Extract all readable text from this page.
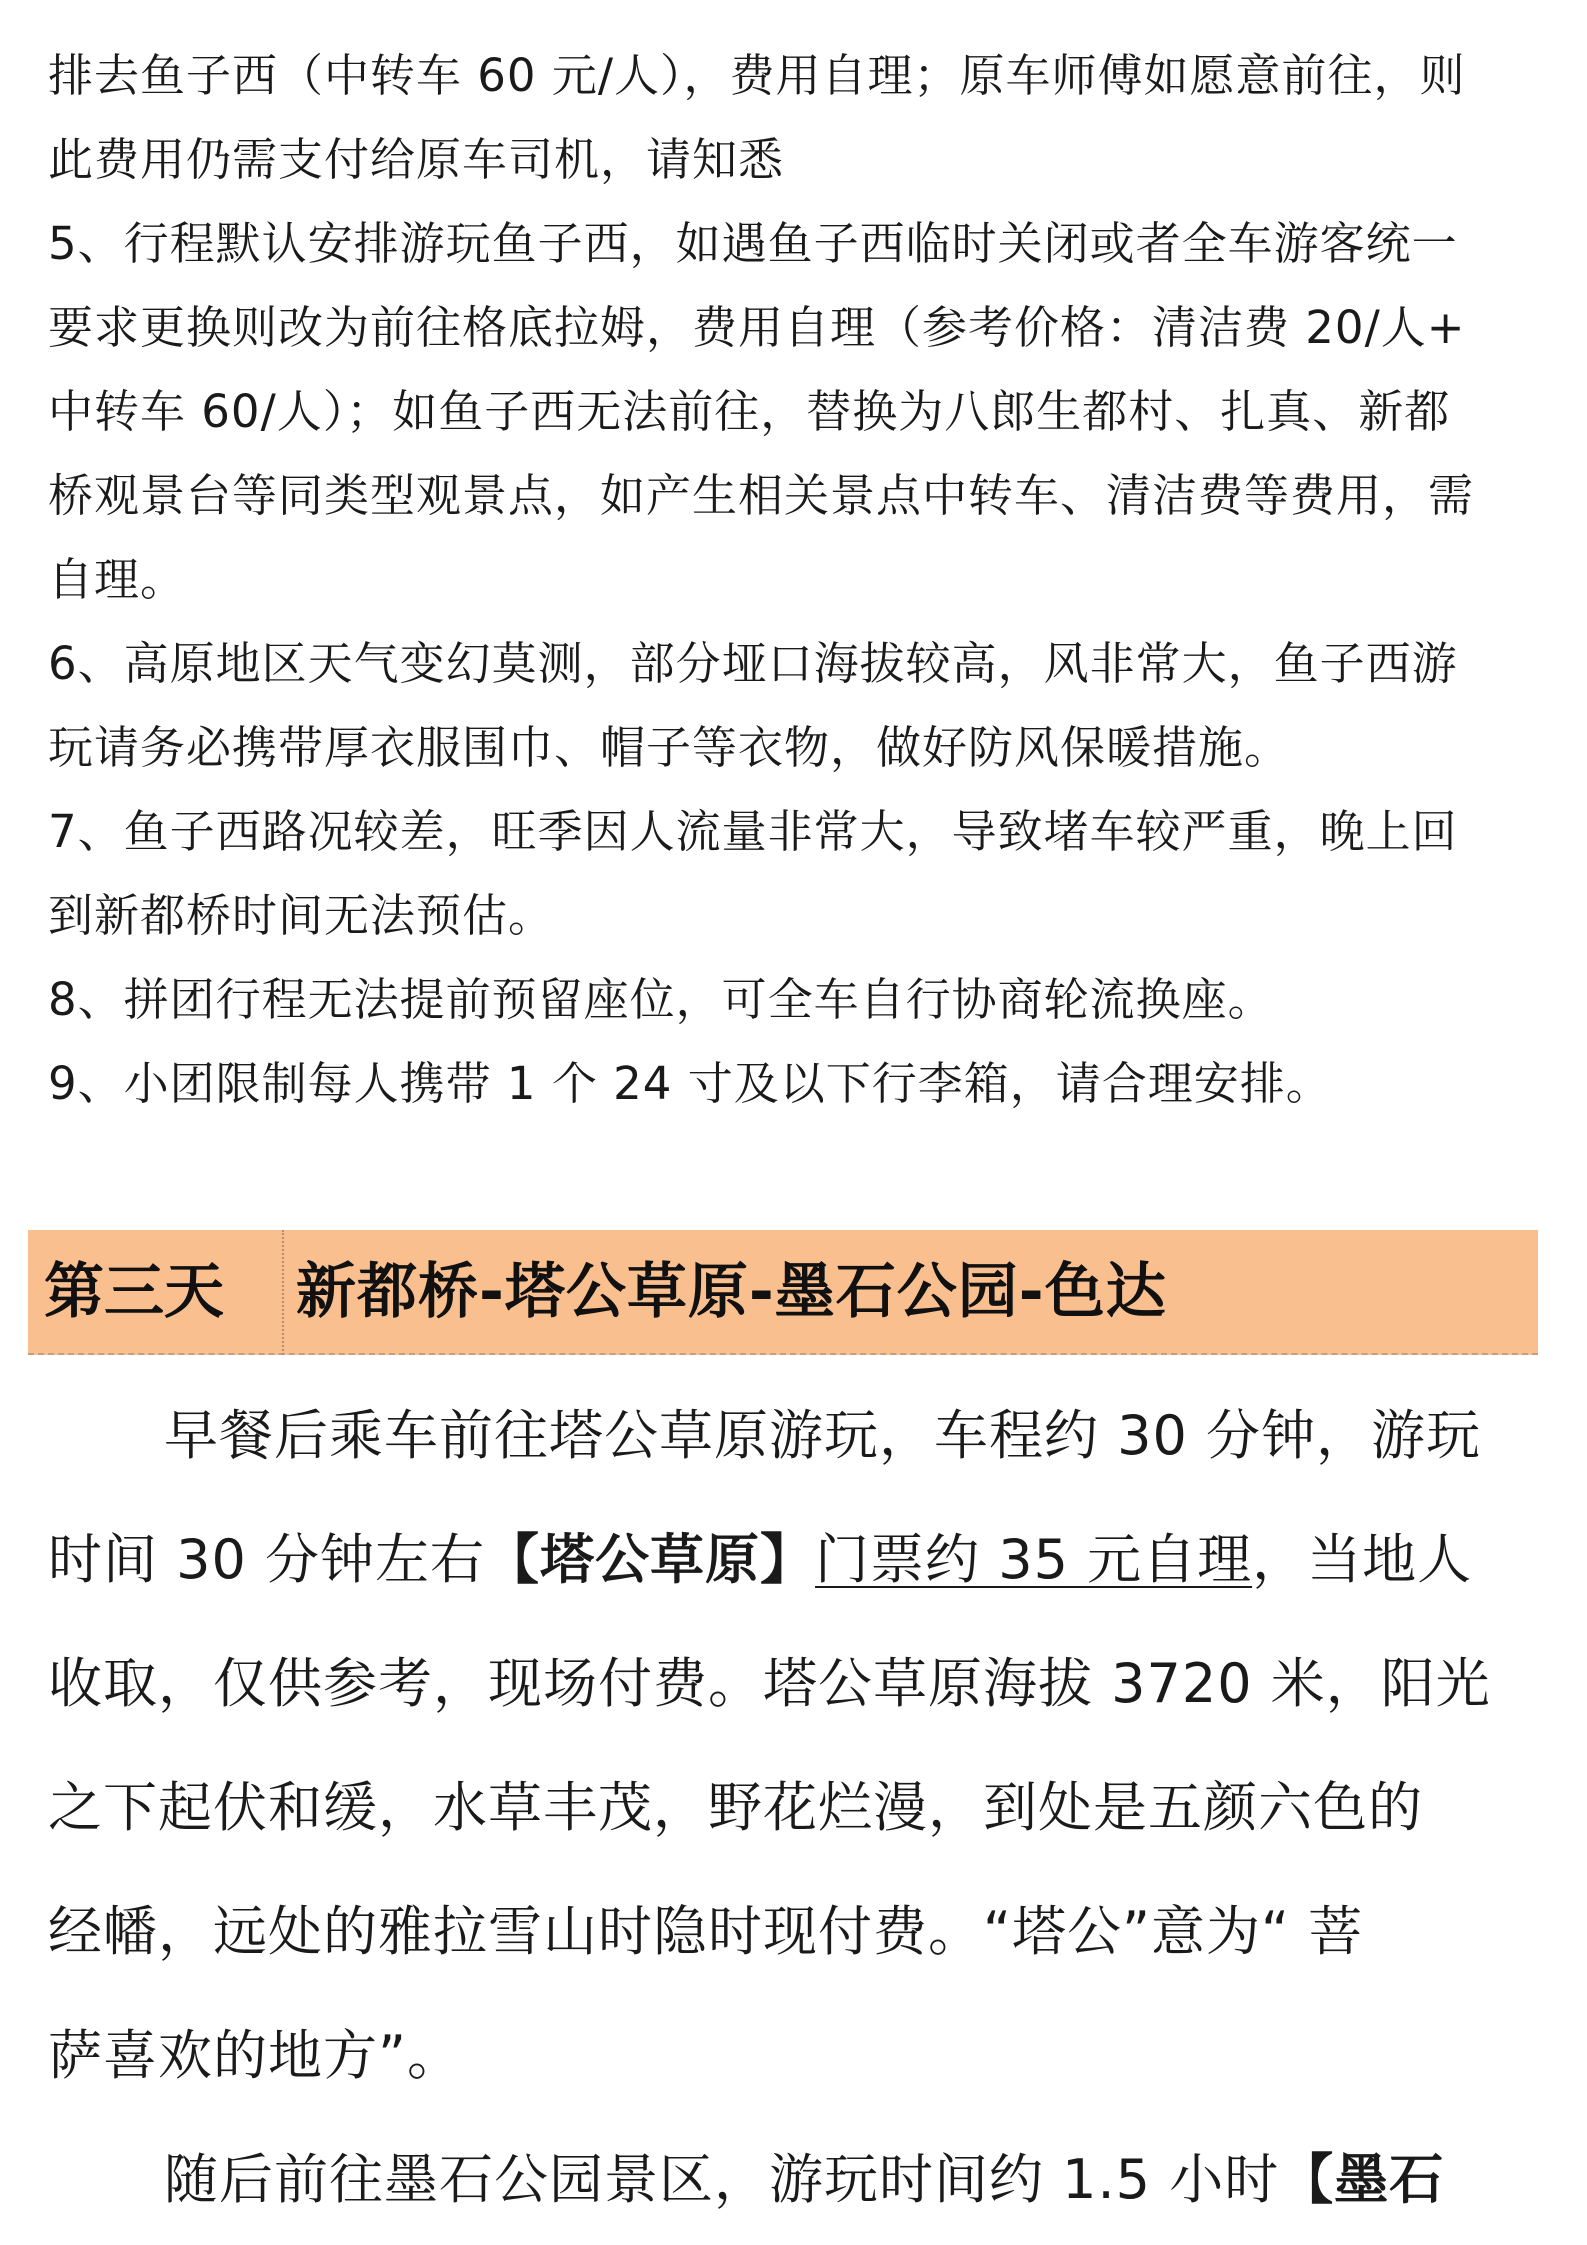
排去鱼子西（中转车 60 元/人），费用自理；原车师傅如愿意前往，则
此费用仍需支付给原车司机，请知悉
5、行程默认安排游玩鱼子西，如遇鱼子西临时关闭或者全车游客统一
要求更换则改为前往格底拉姆，费用自理（参考价格：清洁费 20/人+
中转车 60/人）；如鱼子西无法前往，替换为八郎生都村、扎真、新都
桥观景台等同类型观景点，如产生相关景点中转车、清洁费等费用，需
自理。
6、高原地区天气变幻莫测，部分垭口海拔较高，风非常大，鱼子西游
玩请务必携带厚衣服围巾、帽子等衣物，做好防风保暖措施。
7、鱼子西路况较差，旺季因人流量非常大，导致堵车较严重，晚上回
到新都桥时间无法预估。
8、拼团行程无法提前预留座位，可全车自行协商轮流换座。
9、小团限制每人携带 1 个 24 寸及以下行李箱，请合理安排。
第三天 新都桥-塔公草原-墨石公园-色达
早餐后乘车前往塔公草原游玩，车程约 30 分钟，游玩
时间 30 分钟左右【塔公草原】门票约 35 元自理，当地人
收取，仅供参考，现场付费。塔公草原海拔 3720 米，阳光
之下起伏和缓，水草丰茂，野花烂漫，到处是五颜六色的
经幡，远处的雅拉雪山时隐时现付费。“塔公”意为“ 菩
萨喜欢的地方”。
随后前往墨石公园景区，游玩时间约 1.5 小时【墨石
